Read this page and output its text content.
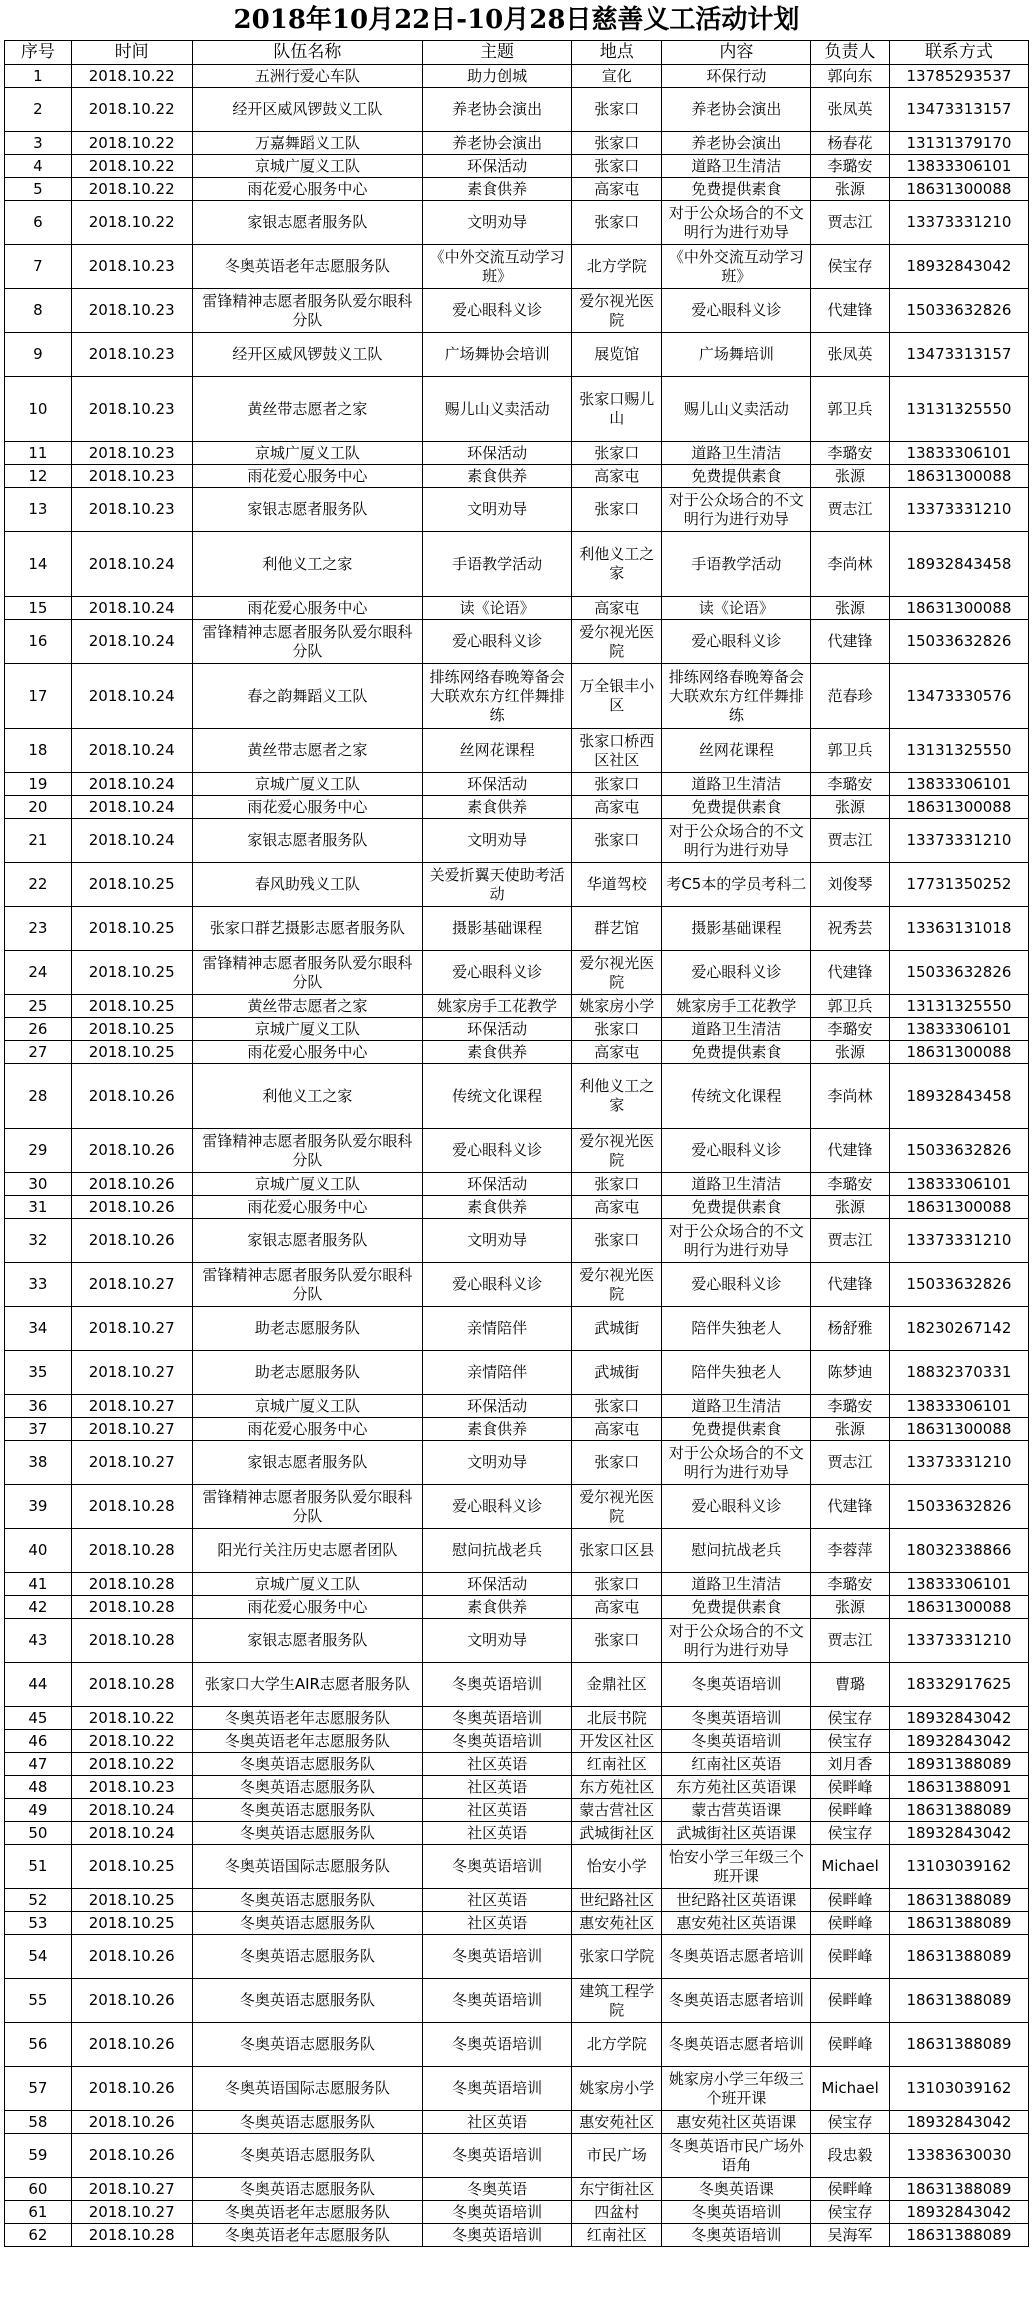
2018年10月22日-10月28日慈善义工活动计划
序号	时间	队伍名称	主题	地点	内容	负责人	联系方式
1	2018.10.22	五洲行爱心车队	助力创城	宣化	环保行动	郭向东	13785293537
2	2018.10.22	经开区威风锣鼓义工队	养老协会演出	张家口	养老协会演出	张凤英	13473313157
3	2018.10.22	万嘉舞蹈义工队	养老协会演出	张家口	养老协会演出	杨春花	13131379170
4	2018.10.22	京城广厦义工队	环保活动	张家口	道路卫生清洁	李璐安	13833306101
5	2018.10.22	雨花爱心服务中心	素食供养	高家屯	免费提供素食	张源	18631300088
6	2018.10.22	家银志愿者服务队	文明劝导	张家口	对于公众场合的不文明行为进行劝导	贾志江	13373331210
7	2018.10.23	冬奥英语老年志愿服务队	《中外交流互动学习班》	北方学院	《中外交流互动学习班》	侯宝存	18932843042
8	2018.10.23	雷锋精神志愿者服务队爱尔眼科分队	爱心眼科义诊	爱尔视光医院	爱心眼科义诊	代建锋	15033632826
9	2018.10.23	经开区威风锣鼓义工队	广场舞协会培训	展览馆	广场舞培训	张凤英	13473313157
10	2018.10.23	黄丝带志愿者之家	赐儿山义卖活动	张家口赐儿山	赐儿山义卖活动	郭卫兵	13131325550
11	2018.10.23	京城广厦义工队	环保活动	张家口	道路卫生清洁	李璐安	13833306101
12	2018.10.23	雨花爱心服务中心	素食供养	高家屯	免费提供素食	张源	18631300088
13	2018.10.23	家银志愿者服务队	文明劝导	张家口	对于公众场合的不文明行为进行劝导	贾志江	13373331210
14	2018.10.24	利他义工之家	手语教学活动	利他义工之家	手语教学活动	李尚林	18932843458
15	2018.10.24	雨花爱心服务中心	读《论语》	高家屯	读《论语》	张源	18631300088
16	2018.10.24	雷锋精神志愿者服务队爱尔眼科分队	爱心眼科义诊	爱尔视光医院	爱心眼科义诊	代建锋	15033632826
17	2018.10.24	春之韵舞蹈义工队	排练网络春晚筹备会大联欢东方红伴舞排练	万全银丰小区	排练网络春晚筹备会大联欢东方红伴舞排练	范春珍	13473330576
18	2018.10.24	黄丝带志愿者之家	丝网花课程	张家口桥西区社区	丝网花课程	郭卫兵	13131325550
19	2018.10.24	京城广厦义工队	环保活动	张家口	道路卫生清洁	李璐安	13833306101
20	2018.10.24	雨花爱心服务中心	素食供养	高家屯	免费提供素食	张源	18631300088
21	2018.10.24	家银志愿者服务队	文明劝导	张家口	对于公众场合的不文明行为进行劝导	贾志江	13373331210
22	2018.10.25	春风助残义工队	关爱折翼天使助考活动	华道驾校	考C5本的学员考科二	刘俊琴	17731350252
23	2018.10.25	张家口群艺摄影志愿者服务队	摄影基础课程	群艺馆	摄影基础课程	祝秀芸	13363131018
24	2018.10.25	雷锋精神志愿者服务队爱尔眼科分队	爱心眼科义诊	爱尔视光医院	爱心眼科义诊	代建锋	15033632826
25	2018.10.25	黄丝带志愿者之家	姚家房手工花教学	姚家房小学	姚家房手工花教学	郭卫兵	13131325550
26	2018.10.25	京城广厦义工队	环保活动	张家口	道路卫生清洁	李璐安	13833306101
27	2018.10.25	雨花爱心服务中心	素食供养	高家屯	免费提供素食	张源	18631300088
28	2018.10.26	利他义工之家	传统文化课程	利他义工之家	传统文化课程	李尚林	18932843458
29	2018.10.26	雷锋精神志愿者服务队爱尔眼科分队	爱心眼科义诊	爱尔视光医院	爱心眼科义诊	代建锋	15033632826
30	2018.10.26	京城广厦义工队	环保活动	张家口	道路卫生清洁	李璐安	13833306101
31	2018.10.26	雨花爱心服务中心	素食供养	高家屯	免费提供素食	张源	18631300088
32	2018.10.26	家银志愿者服务队	文明劝导	张家口	对于公众场合的不文明行为进行劝导	贾志江	13373331210
33	2018.10.27	雷锋精神志愿者服务队爱尔眼科分队	爱心眼科义诊	爱尔视光医院	爱心眼科义诊	代建锋	15033632826
34	2018.10.27	助老志愿服务队	亲情陪伴	武城街	陪伴失独老人	杨舒雅	18230267142
35	2018.10.27	助老志愿服务队	亲情陪伴	武城街	陪伴失独老人	陈梦迪	18832370331
36	2018.10.27	京城广厦义工队	环保活动	张家口	道路卫生清洁	李璐安	13833306101
37	2018.10.27	雨花爱心服务中心	素食供养	高家屯	免费提供素食	张源	18631300088
38	2018.10.27	家银志愿者服务队	文明劝导	张家口	对于公众场合的不文明行为进行劝导	贾志江	13373331210
39	2018.10.28	雷锋精神志愿者服务队爱尔眼科分队	爱心眼科义诊	爱尔视光医院	爱心眼科义诊	代建锋	15033632826
40	2018.10.28	阳光行关注历史志愿者团队	慰问抗战老兵	张家口区县	慰问抗战老兵	李蓉萍	18032338866
41	2018.10.28	京城广厦义工队	环保活动	张家口	道路卫生清洁	李璐安	13833306101
42	2018.10.28	雨花爱心服务中心	素食供养	高家屯	免费提供素食	张源	18631300088
43	2018.10.28	家银志愿者服务队	文明劝导	张家口	对于公众场合的不文明行为进行劝导	贾志江	13373331210
44	2018.10.28	张家口大学生AIR志愿者服务队	冬奥英语培训	金鼎社区	冬奥英语培训	曹璐	18332917625
45	2018.10.22	冬奥英语老年志愿服务队	冬奥英语培训	北辰书院	冬奥英语培训	侯宝存	18932843042
46	2018.10.22	冬奥英语老年志愿服务队	冬奥英语培训	开发区社区	冬奥英语培训	侯宝存	18932843042
47	2018.10.22	冬奥英语志愿服务队	社区英语	红南社区	红南社区英语	刘月香	18931388089
48	2018.10.23	冬奥英语志愿服务队	社区英语	东方苑社区	东方苑社区英语课	侯畔峰	18631388091
49	2018.10.24	冬奥英语志愿服务队	社区英语	蒙古营社区	蒙古营英语课	侯畔峰	18631388089
50	2018.10.24	冬奥英语志愿服务队	社区英语	武城街社区	武城街社区英语课	侯宝存	18932843042
51	2018.10.25	冬奥英语国际志愿服务队	冬奥英语培训	怡安小学	怡安小学三年级三个班开课	Michael	13103039162
52	2018.10.25	冬奥英语志愿服务队	社区英语	世纪路社区	世纪路社区英语课	侯畔峰	18631388089
53	2018.10.25	冬奥英语志愿服务队	社区英语	惠安苑社区	惠安苑社区英语课	侯畔峰	18631388089
54	2018.10.26	冬奥英语志愿服务队	冬奥英语培训	张家口学院	冬奥英语志愿者培训	侯畔峰	18631388089
55	2018.10.26	冬奥英语志愿服务队	冬奥英语培训	建筑工程学院	冬奥英语志愿者培训	侯畔峰	18631388089
56	2018.10.26	冬奥英语志愿服务队	冬奥英语培训	北方学院	冬奥英语志愿者培训	侯畔峰	18631388089
57	2018.10.26	冬奥英语国际志愿服务队	冬奥英语培训	姚家房小学	姚家房小学三年级三个班开课	Michael	13103039162
58	2018.10.26	冬奥英语志愿服务队	社区英语	惠安苑社区	惠安苑社区英语课	侯宝存	18932843042
59	2018.10.26	冬奥英语志愿服务队	冬奥英语培训	市民广场	冬奥英语市民广场外语角	段忠毅	13383630030
60	2018.10.27	冬奥英语志愿服务队	冬奥英语	东宁街社区	冬奥英语课	侯畔峰	18631388089
61	2018.10.27	冬奥英语老年志愿服务队	冬奥英语培训	四盆村	冬奥英语培训	侯宝存	18932843042
62	2018.10.28	冬奥英语老年志愿服务队	冬奥英语培训	红南社区	冬奥英语培训	吴海军	18631388089
